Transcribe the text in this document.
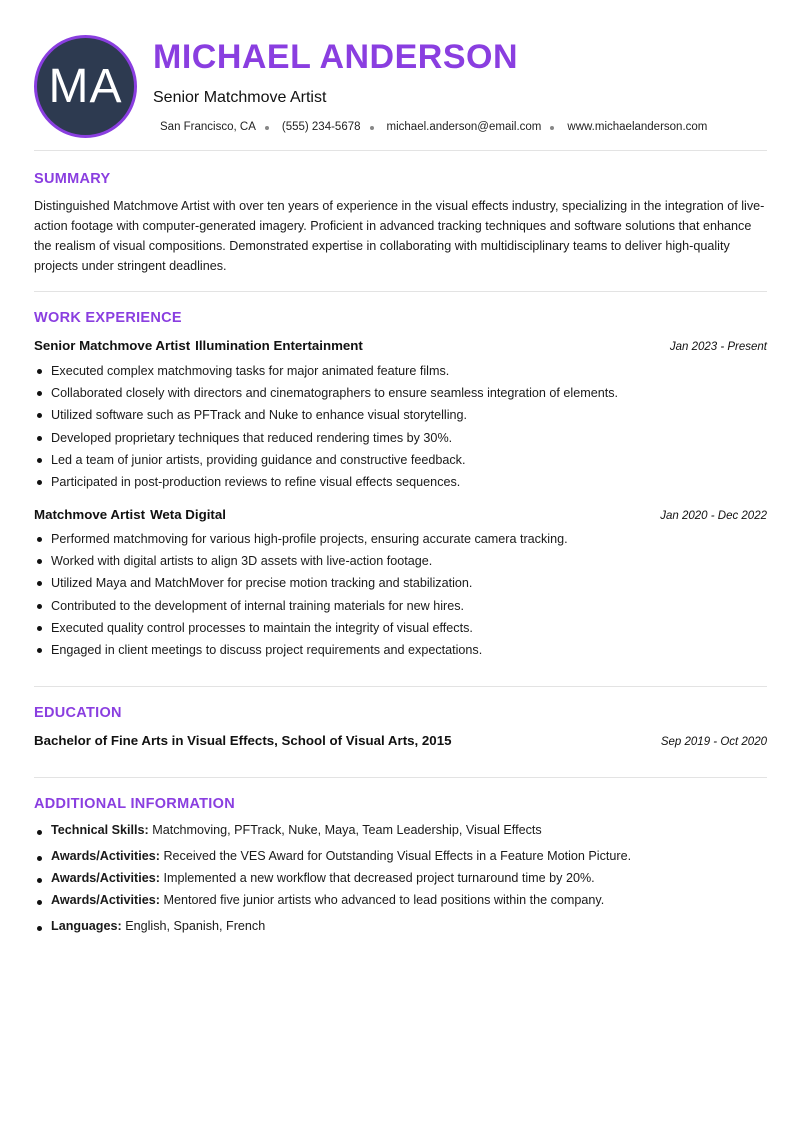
MA
MICHAEL ANDERSON
Senior Matchmove Artist
San Francisco, CA (555) 234-5678 michael.anderson@email.com www.michaelanderson.com
SUMMARY

Distinguished Matchmove Artist with over ten years of experience in the visual effects industry, specializing in the integration of live-action footage with computer-generated imagery. Proficient in advanced tracking techniques and software solutions that enhance the realism of visual compositions. Demonstrated expertise in collaborating with multidisciplinary teams to deliver high-quality projects under stringent deadlines.

WORK EXPERIENCE
Senior Matchmove Artist Illumination Entertainment	Jan 2023 - Present
Executed complex matchmoving tasks for major animated feature films.
Collaborated closely with directors and cinematographers to ensure seamless integration of elements.
Utilized software such as PFTrack and Nuke to enhance visual storytelling.
Developed proprietary techniques that reduced rendering times by 30%.
Led a team of junior artists, providing guidance and constructive feedback.
Participated in post-production reviews to refine visual effects sequences.
Matchmove Artist Weta Digital	Jan 2020 - Dec 2022
Performed matchmoving for various high-profile projects, ensuring accurate camera tracking.
Worked with digital artists to align 3D assets with live-action footage.
Utilized Maya and MatchMover for precise motion tracking and stabilization.
Contributed to the development of internal training materials for new hires.
Executed quality control processes to maintain the integrity of visual effects.
Engaged in client meetings to discuss project requirements and expectations.
EDUCATION
Bachelor of Fine Arts in Visual Effects, School of Visual Arts, 2015	Sep 2019 - Oct 2020
ADDITIONAL INFORMATION
Technical Skills: Matchmoving, PFTrack, Nuke, Maya, Team Leadership, Visual Effects
Awards/Activities: Received the VES Award for Outstanding Visual Effects in a Feature Motion Picture.
Awards/Activities: Implemented a new workflow that decreased project turnaround time by 20%.
Awards/Activities: Mentored five junior artists who advanced to lead positions within the company.
Languages: English, Spanish, French
